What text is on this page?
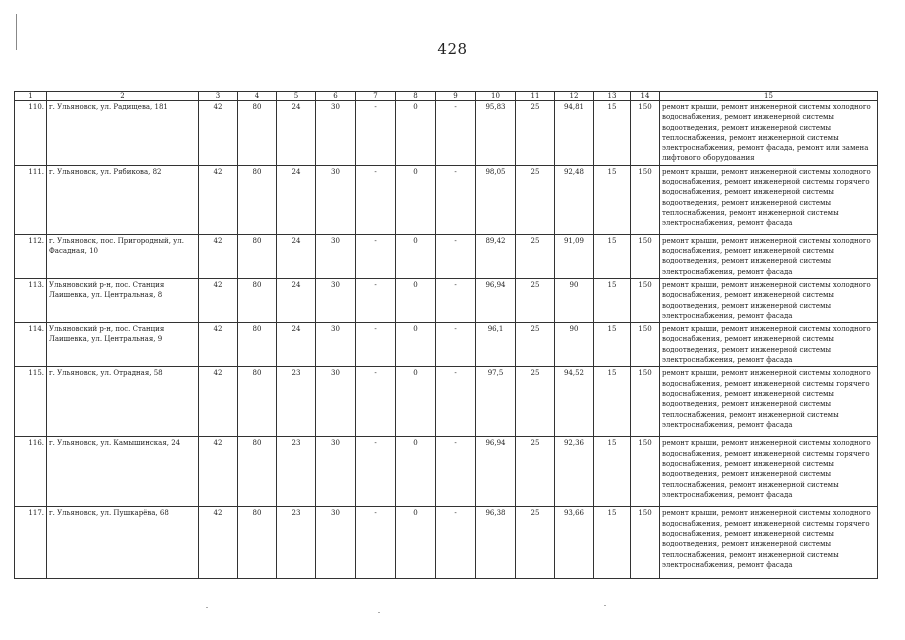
428
1	2	3	4	5	6	7	8	9	10	11	12	13	14	15
110.	г. Ульяновск, ул. Радищева, 181	42	80	24	30	-	0	-	95,83	25	94,81	15	150	ремонт крыши, ремонт инженерной системы холодного водоснабжения, ремонт инженерной системы водоотведения, ремонт инженерной системы теплоснабжения, ремонт инженерной системы электроснабжения, ремонт фасада, ремонт или замена лифтового оборудования
111.	г. Ульяновск, ул. Рябикова, 82	42	80	24	30	-	0	-	98,05	25	92,48	15	150	ремонт крыши, ремонт инженерной системы холодного водоснабжения, ремонт инженерной системы горячего водоснабжения, ремонт инженерной системы водоотведения, ремонт инженерной системы теплоснабжения, ремонт инженерной системы электроснабжения, ремонт фасада
112.	г. Ульяновск, пос. Пригородный, ул. Фасадная, 10	42	80	24	30	-	0	-	89,42	25	91,09	15	150	ремонт крыши, ремонт инженерной системы холодного водоснабжения, ремонт инженерной системы водоотведения, ремонт инженерной системы электроснабжения, ремонт фасада
113.	Ульяновский р-н, пос. Станция Лаишевка, ул. Центральная, 8	42	80	24	30	-	0	-	96,94	25	90	15	150	ремонт крыши, ремонт инженерной системы холодного водоснабжения, ремонт инженерной системы водоотведения, ремонт инженерной системы электроснабжения, ремонт фасада
114.	Ульяновский р-н, пос. Станция Лаишевка, ул. Центральная, 9	42	80	24	30	-	0	-	96,1	25	90	15	150	ремонт крыши, ремонт инженерной системы холодного водоснабжения, ремонт инженерной системы водоотведения, ремонт инженерной системы электроснабжения, ремонт фасада
115.	г. Ульяновск, ул. Отрадная, 58	42	80	23	30	-	0	-	97,5	25	94,52	15	150	ремонт крыши, ремонт инженерной системы холодного водоснабжения, ремонт инженерной системы горячего водоснабжения, ремонт инженерной системы водоотведения, ремонт инженерной системы теплоснабжения, ремонт инженерной системы электроснабжения, ремонт фасада
116.	г. Ульяновск, ул. Камышинская, 24	42	80	23	30	-	0	-	96,94	25	92,36	15	150	ремонт крыши, ремонт инженерной системы холодного водоснабжения, ремонт инженерной системы горячего водоснабжения, ремонт инженерной системы водоотведения, ремонт инженерной системы теплоснабжения, ремонт инженерной системы электроснабжения, ремонт фасада
117.	г. Ульяновск, ул. Пушкарёва, 68	42	80	23	30	-	0	-	96,38	25	93,66	15	150	ремонт крыши, ремонт инженерной системы холодного водоснабжения, ремонт инженерной системы горячего водоснабжения, ремонт инженерной системы водоотведения, ремонт инженерной системы теплоснабжения, ремонт инженерной системы электроснабжения, ремонт фасада
